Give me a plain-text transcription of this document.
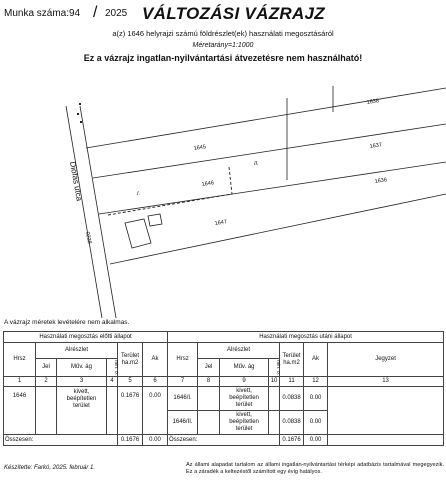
Munka száma: 94 / 2025 VÁLTOZÁSI VÁZRAJZ
a(z) 1646 helyrajzi számú földrészlet(ek) használati megosztásáról
Méretarány=1:1000
Ez a vázrajz ingatlan-nyilvántartási átvezetésre nem használható!
1638
1645	1637
1646	1636
1647
I.
II.
Diófás utca
0238
A vázrajz méretek levételére nem alkalmas.
Használati megosztás előtti állapot						Használati megosztás utáni állapot						
Hrsz	Alrészlet			Terület ha.m2	Ak	Hrsz	Alrészlet			Terület ha.m2	Ak	Jegyzet
	Jel	Műv. ág	min. o.				Jel	Műv. ág	min. o.			
1	2	3	4	5	6	7	8	9	10	11	12	13
1646		kivett, beépítetlen terület		0.1676	0.00	1646/I.		kivett, beépítetlen terület		0.0838	0.00	
						1646/II.		kivett, beépítetlen terület		0.0838	0.00	
Összesen:				0.1676	0.00	Összesen:				0.1676	0.00	
Készítette: Farkó, 2025. február 1.	Az állami alapadat tartalom az állami ingatlan-nyilvántartási térképi adatbázis tartalmával megegyezik. Ez a záradék a keltezéstől számított egy évig hatályos.
